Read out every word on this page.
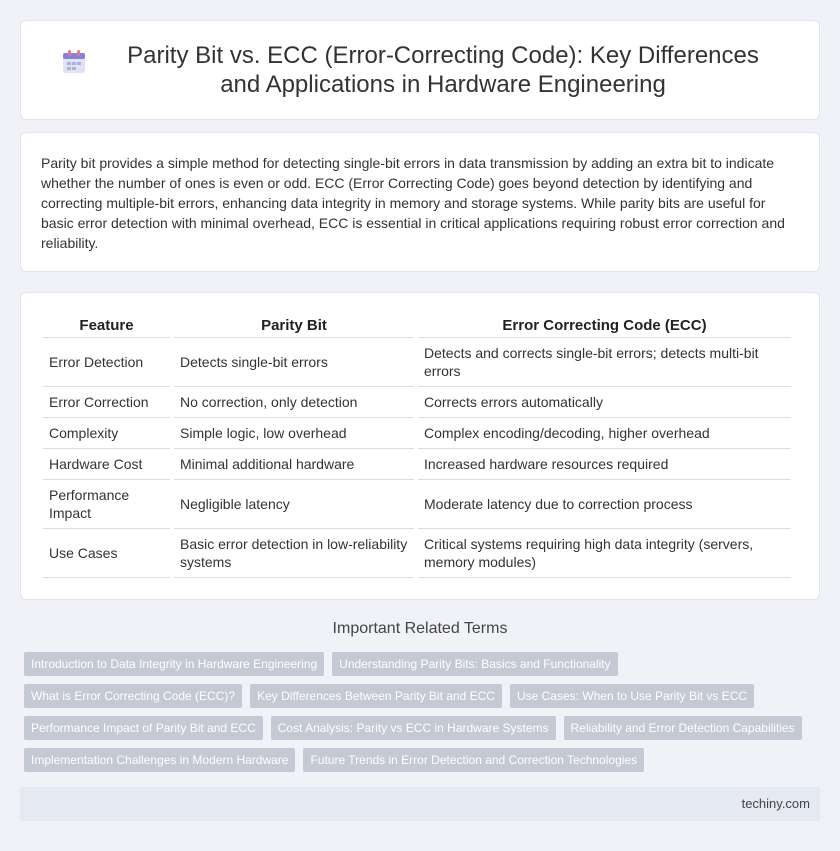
Parity Bit vs. ECC (Error-Correcting Code): Key Differences and Applications in Hardware Engineering

Parity bit provides a simple method for detecting single-bit errors in data transmission by adding an extra bit to indicate whether the number of ones is even or odd. ECC (Error Correcting Code) goes beyond detection by identifying and correcting multiple-bit errors, enhancing data integrity in memory and storage systems. While parity bits are useful for basic error detection with minimal overhead, ECC is essential in critical applications requiring robust error correction and reliability.

Feature	Parity Bit	Error Correcting Code (ECC)
Error Detection	Detects single-bit errors	Detects and corrects single-bit errors; detects multi-bit errors
Error Correction	No correction, only detection	Corrects errors automatically
Complexity	Simple logic, low overhead	Complex encoding/decoding, higher overhead
Hardware Cost	Minimal additional hardware	Increased hardware resources required
Performance Impact	Negligible latency	Moderate latency due to correction process
Use Cases	Basic error detection in low-reliability systems	Critical systems requiring high data integrity (servers, memory modules)
Important Related Terms
Introduction to Data Integrity in Hardware Engineering	Understanding Parity Bits: Basics and Functionality
What is Error Correcting Code (ECC)?	Key Differences Between Parity Bit and ECC	Use Cases: When to Use Parity Bit vs ECC
Performance Impact of Parity Bit and ECC	Cost Analysis: Parity vs ECC in Hardware Systems	Reliability and Error Detection Capabilities
Implementation Challenges in Modern Hardware	Future Trends in Error Detection and Correction Technologies
techiny.com
